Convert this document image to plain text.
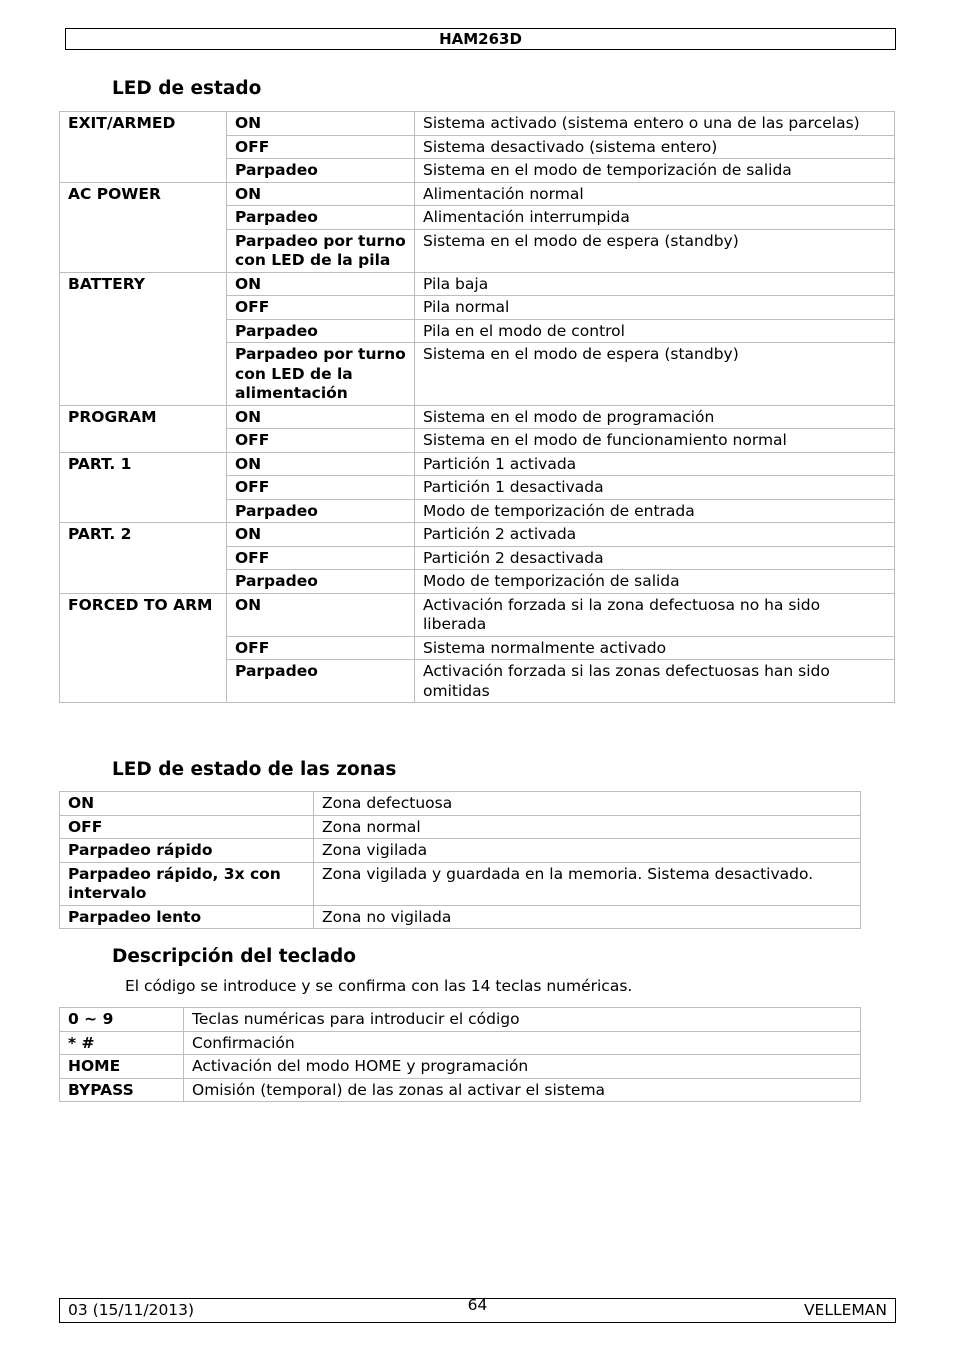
HAM263D
LED de estado
EXIT/ARMED	ON	Sistema activado (sistema entero o una de las parcelas)
	OFF	Sistema desactivado (sistema entero)
	Parpadeo	Sistema en el modo de temporización de salida
AC POWER	ON	Alimentación normal
	Parpadeo	Alimentación interrumpida
	Parpadeo por turno con LED de la pila	Sistema en el modo de espera (standby)
BATTERY	ON	Pila baja
	OFF	Pila normal
	Parpadeo	Pila en el modo de control
	Parpadeo por turno con LED de la alimentación	Sistema en el modo de espera (standby)
PROGRAM	ON	Sistema en el modo de programación
	OFF	Sistema en el modo de funcionamiento normal
PART. 1	ON	Partición 1 activada
	OFF	Partición 1 desactivada
	Parpadeo	Modo de temporización de entrada
PART. 2	ON	Partición 2 activada
	OFF	Partición 2 desactivada
	Parpadeo	Modo de temporización de salida
FORCED TO ARM	ON	Activación forzada si la zona defectuosa no ha sido liberada
	OFF	Sistema normalmente activado
	Parpadeo	Activación forzada si las zonas defectuosas han sido omitidas
LED de estado de las zonas
ON	Zona defectuosa
OFF	Zona normal
Parpadeo rápido	Zona vigilada
Parpadeo rápido, 3x con intervalo	Zona vigilada y guardada en la memoria. Sistema desactivado.
Parpadeo lento	Zona no vigilada
Descripción del teclado

El código se introduce y se confirma con las 14 teclas numéricas.

0 ~ 9	Teclas numéricas para introducir el código
* #	Confirmación
HOME	Activación del modo HOME y programación
BYPASS	Omisión (temporal) de las zonas al activar el sistema
03 (15/11/2013)	64	VELLEMAN
